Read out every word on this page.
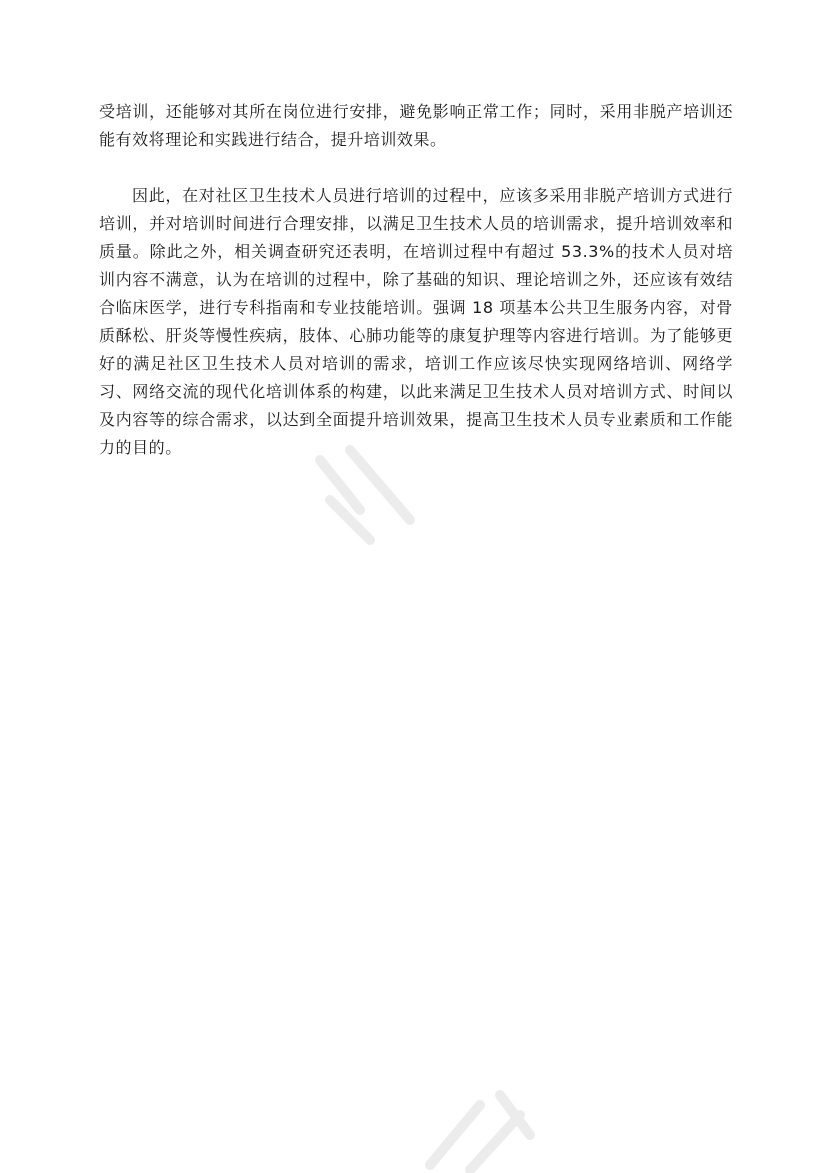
受培训，还能够对其所在岗位进行安排，避免影响正常工作；同时，采用非脱产培训还能有效将理论和实践进行结合，提升培训效果。

因此，在对社区卫生技术人员进行培训的过程中，应该多采用非脱产培训方式进行培训，并对培训时间进行合理安排，以满足卫生技术人员的培训需求，提升培训效率和质量。除此之外，相关调查研究还表明，在培训过程中有超过 53.3%的技术人员对培训内容不满意，认为在培训的过程中，除了基础的知识、理论培训之外，还应该有效结合临床医学，进行专科指南和专业技能培训。强调 18 项基本公共卫生服务内容，对骨质酥松、肝炎等慢性疾病，肢体、心肺功能等的康复护理等内容进行培训。为了能够更好的满足社区卫生技术人员对培训的需求，培训工作应该尽快实现网络培训、网络学习、网络交流的现代化培训体系的构建，以此来满足卫生技术人员对培训方式、时间以及内容等的综合需求，以达到全面提升培训效果，提高卫生技术人员专业素质和工作能力的目的。
